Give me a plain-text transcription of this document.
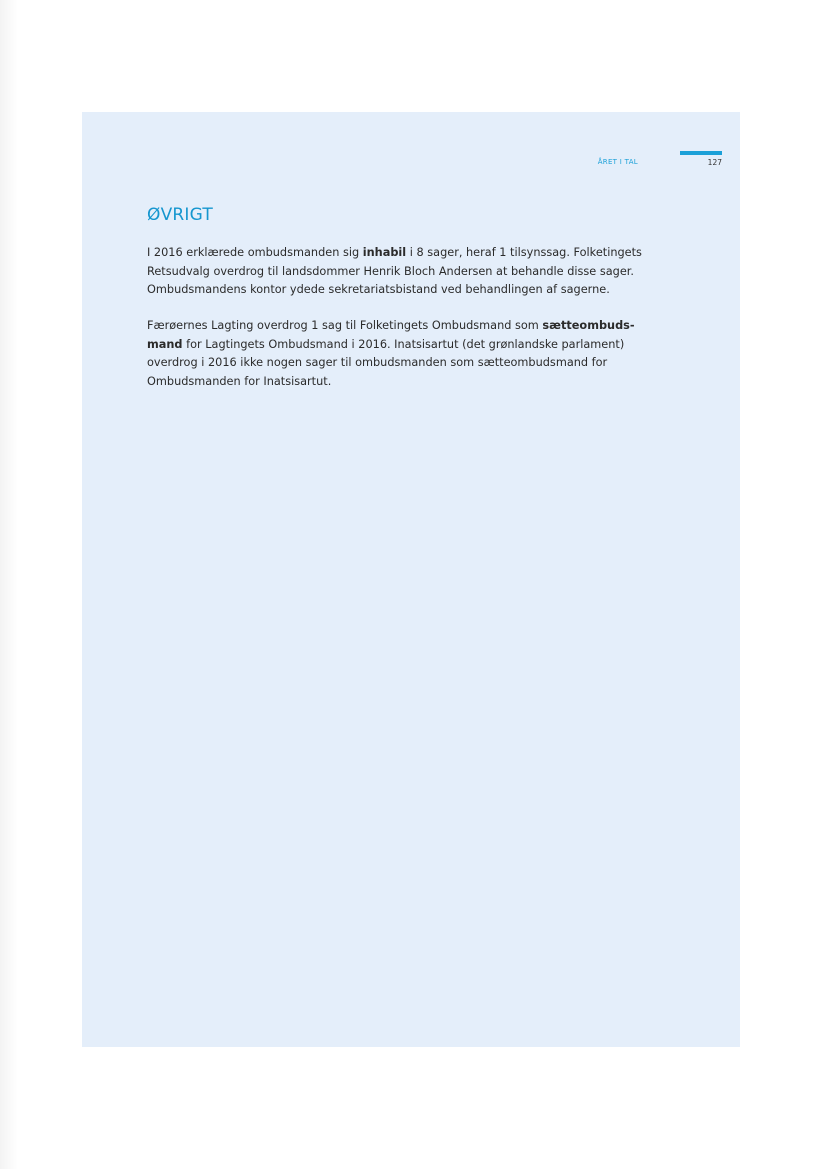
ÅRET I TAL	127
ØVRIGT

I 2016 erklærede ombudsmanden sig inhabil i 8 sager, heraf 1 tilsynssag. Folketingets
Retsudvalg overdrog til landsdommer Henrik Bloch Andersen at behandle disse sager.
Ombudsmandens kontor ydede sekretariatsbistand ved behandlingen af sagerne.

Færøernes Lagting overdrog 1 sag til Folketingets Ombudsmand som sætteombuds-
mand for Lagtingets Ombudsmand i 2016. Inatsisartut (det grønlandske parlament)
overdrog i 2016 ikke nogen sager til ombudsmanden som sætteombudsmand for
Ombudsmanden for Inatsisartut.
